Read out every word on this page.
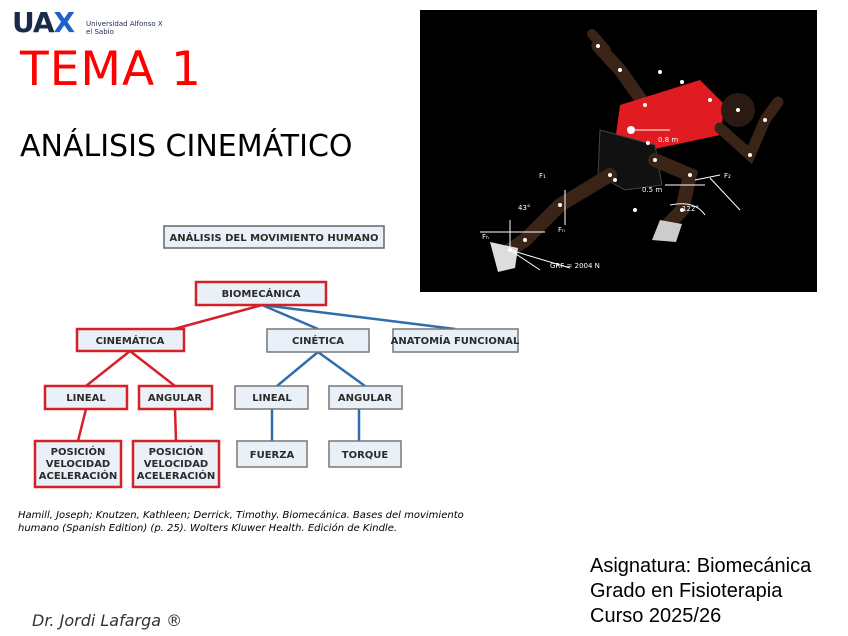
UAX Universidad Alfonso X el Sabio
TEMA 1
ANÁLISIS CINEMÁTICO
F₁	F₂
Fₕ
Fₙ
43°	122°
GRF = 2004 N
0.8 m
0.5 m
ANÁLISIS DEL MOVIMIENTO HUMANO
BIOMECÁNICA
CINEMÁTICA	CINÉTICA	ANATOMÍA FUNCIONAL
LINEAL	ANGULAR	LINEAL	ANGULAR
POSICIÓN
VELOCIDAD
ACELERACIÓN
POSICIÓN
VELOCIDAD
ACELERACIÓN
FUERZA	TORQUE
Hamill, Joseph; Knutzen, Kathleen; Derrick, Timothy. Biomecánica. Bases del movimiento humano (Spanish Edition) (p. 25). Wolters Kluwer Health. Edición de Kindle.
Dr. Jordi Lafarga ®
Asignatura: Biomecánica
Grado en Fisioterapia
Curso 2025/26
